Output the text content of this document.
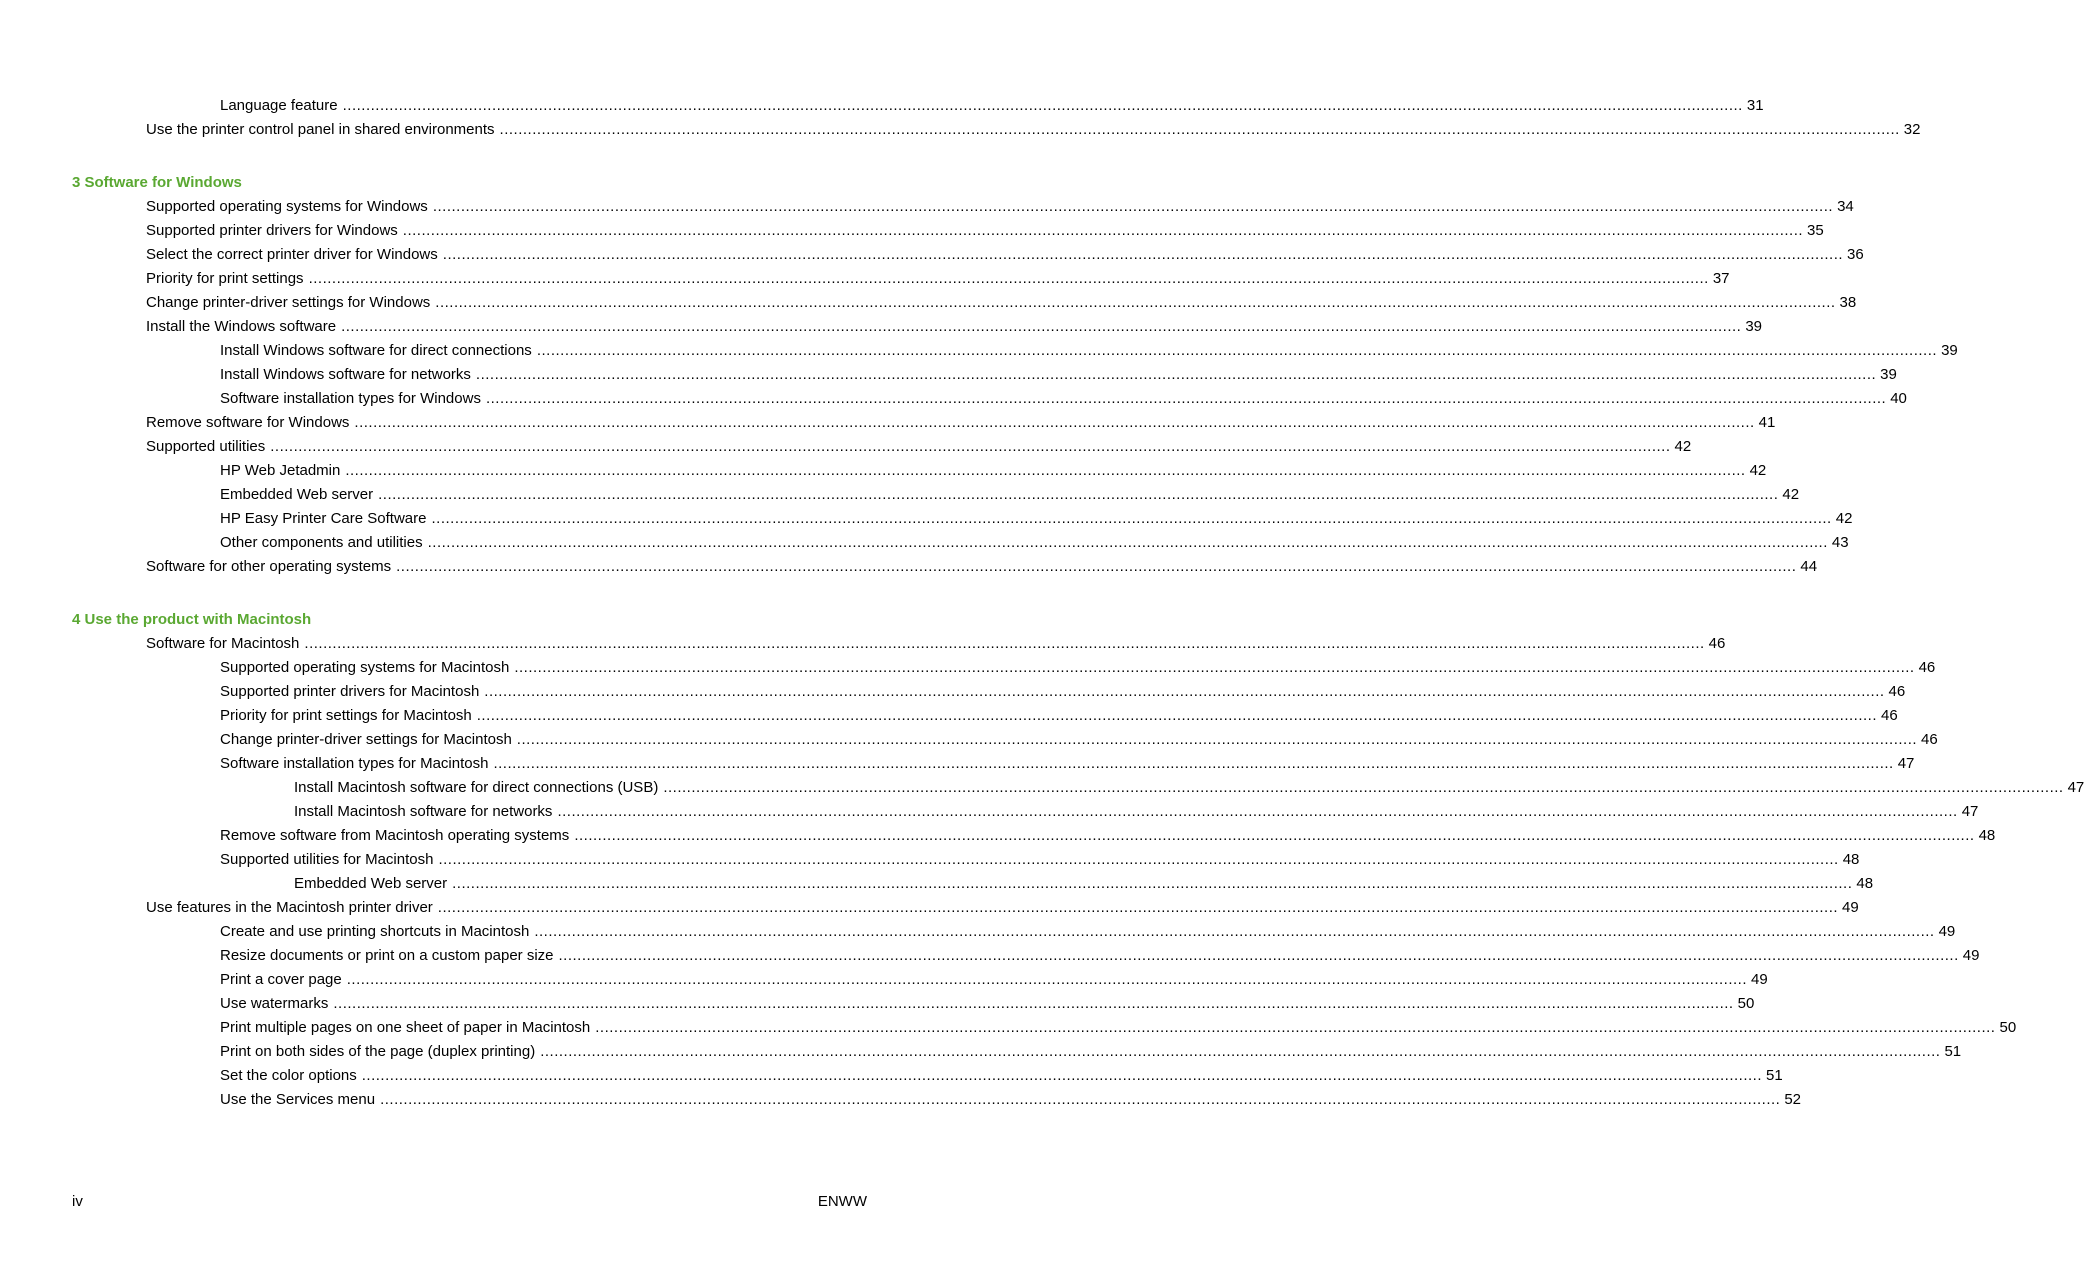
Language feature ............................................................................................................................................................................................................................................................................................................ 31
Use the printer control panel in shared environments ............................................................................................................................................................................................................................................................................................................ 32
3 Software for Windows
Supported operating systems for Windows ............................................................................................................................................................................................................................................................................................................ 34
Supported printer drivers for Windows ............................................................................................................................................................................................................................................................................................................ 35
Select the correct printer driver for Windows ............................................................................................................................................................................................................................................................................................................ 36
Priority for print settings ............................................................................................................................................................................................................................................................................................................ 37
Change printer-driver settings for Windows ............................................................................................................................................................................................................................................................................................................ 38
Install the Windows software ............................................................................................................................................................................................................................................................................................................ 39
Install Windows software for direct connections ............................................................................................................................................................................................................................................................................................................ 39
Install Windows software for networks ............................................................................................................................................................................................................................................................................................................ 39
Software installation types for Windows ............................................................................................................................................................................................................................................................................................................ 40
Remove software for Windows ............................................................................................................................................................................................................................................................................................................ 41
Supported utilities ............................................................................................................................................................................................................................................................................................................ 42
HP Web Jetadmin ............................................................................................................................................................................................................................................................................................................ 42
Embedded Web server ............................................................................................................................................................................................................................................................................................................ 42
HP Easy Printer Care Software ............................................................................................................................................................................................................................................................................................................ 42
Other components and utilities ............................................................................................................................................................................................................................................................................................................ 43
Software for other operating systems ............................................................................................................................................................................................................................................................................................................ 44
4 Use the product with Macintosh
Software for Macintosh ............................................................................................................................................................................................................................................................................................................ 46
Supported operating systems for Macintosh ............................................................................................................................................................................................................................................................................................................ 46
Supported printer drivers for Macintosh ............................................................................................................................................................................................................................................................................................................ 46
Priority for print settings for Macintosh ............................................................................................................................................................................................................................................................................................................ 46
Change printer-driver settings for Macintosh ............................................................................................................................................................................................................................................................................................................ 46
Software installation types for Macintosh ............................................................................................................................................................................................................................................................................................................ 47
Install Macintosh software for direct connections (USB) ............................................................................................................................................................................................................................................................................................................ 47
Install Macintosh software for networks ............................................................................................................................................................................................................................................................................................................ 47
Remove software from Macintosh operating systems ............................................................................................................................................................................................................................................................................................................ 48
Supported utilities for Macintosh ............................................................................................................................................................................................................................................................................................................ 48
Embedded Web server ............................................................................................................................................................................................................................................................................................................ 48
Use features in the Macintosh printer driver ............................................................................................................................................................................................................................................................................................................ 49
Create and use printing shortcuts in Macintosh ............................................................................................................................................................................................................................................................................................................ 49
Resize documents or print on a custom paper size ............................................................................................................................................................................................................................................................................................................ 49
Print a cover page ............................................................................................................................................................................................................................................................................................................ 49
Use watermarks ............................................................................................................................................................................................................................................................................................................ 50
Print multiple pages on one sheet of paper in Macintosh ............................................................................................................................................................................................................................................................................................................ 50
Print on both sides of the page (duplex printing) ............................................................................................................................................................................................................................................................................................................ 51
Set the color options ............................................................................................................................................................................................................................................................................................................ 51
Use the Services menu ............................................................................................................................................................................................................................................................................................................ 52
iv	ENWW
